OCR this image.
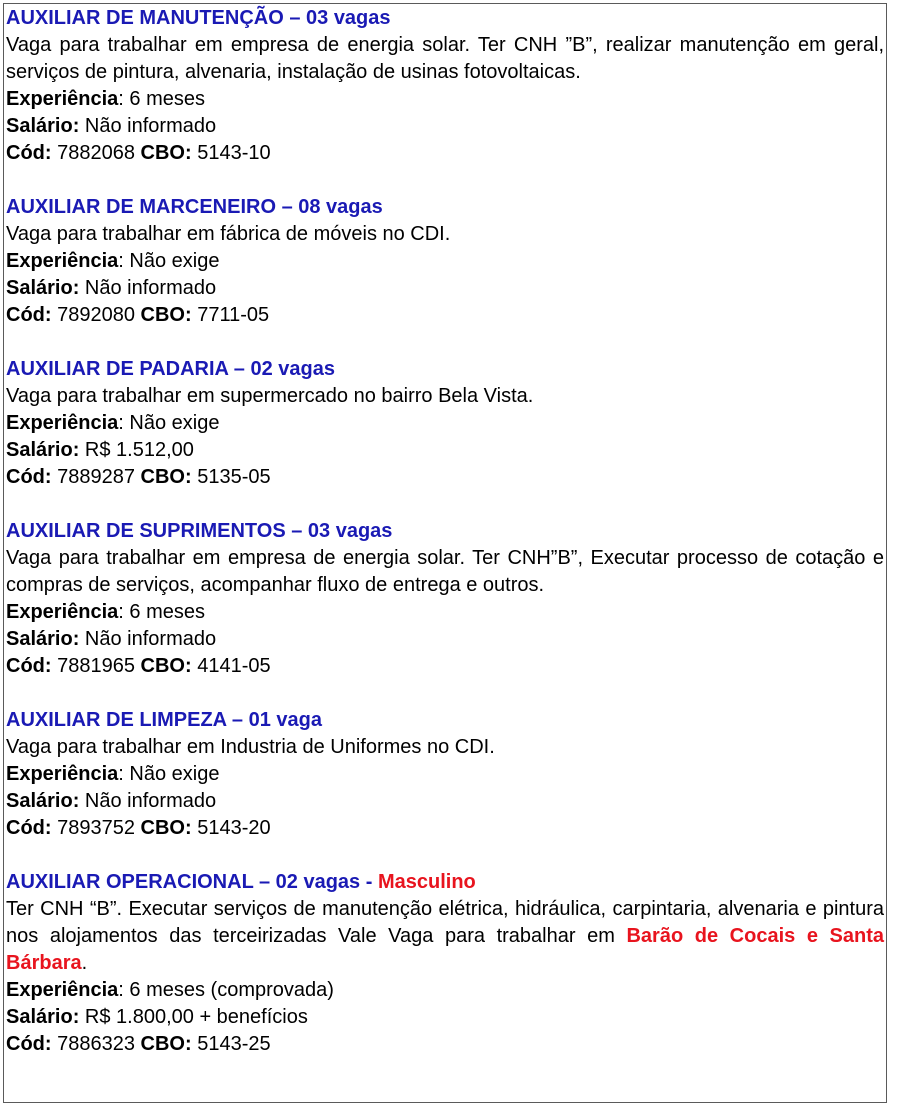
AUXILIAR DE MANUTENÇÃO – 03 vagas

Vaga para trabalhar em empresa de energia solar. Ter CNH ”B”, realizar manutenção em geral, serviços de pintura, alvenaria, instalação de usinas fotovoltaicas.

Experiência: 6 meses
Salário: Não informado
Cód: 7882068 CBO: 5143-10
AUXILIAR DE MARCENEIRO – 08 vagas

Vaga para trabalhar em fábrica de móveis no CDI.

Experiência: Não exige
Salário: Não informado
Cód: 7892080 CBO: 7711-05
AUXILIAR DE PADARIA – 02 vagas

Vaga para trabalhar em supermercado no bairro Bela Vista.

Experiência: Não exige
Salário: R$ 1.512,00
Cód: 7889287 CBO: 5135-05
AUXILIAR DE SUPRIMENTOS – 03 vagas

Vaga para trabalhar em empresa de energia solar. Ter CNH”B”, Executar processo de cotação e compras de serviços, acompanhar fluxo de entrega e outros.

Experiência: 6 meses
Salário: Não informado
Cód: 7881965 CBO: 4141-05
AUXILIAR DE LIMPEZA – 01 vaga

Vaga para trabalhar em Industria de Uniformes no CDI.

Experiência: Não exige
Salário: Não informado
Cód: 7893752 CBO: 5143-20
AUXILIAR OPERACIONAL – 02 vagas - Masculino

Ter CNH “B”. Executar serviços de manutenção elétrica, hidráulica, carpintaria, alvenaria e pintura nos alojamentos das terceirizadas Vale Vaga para trabalhar em Barão de Cocais e Santa Bárbara.

Experiência: 6 meses (comprovada)
Salário: R$ 1.800,00 + benefícios
Cód: 7886323 CBO: 5143-25
